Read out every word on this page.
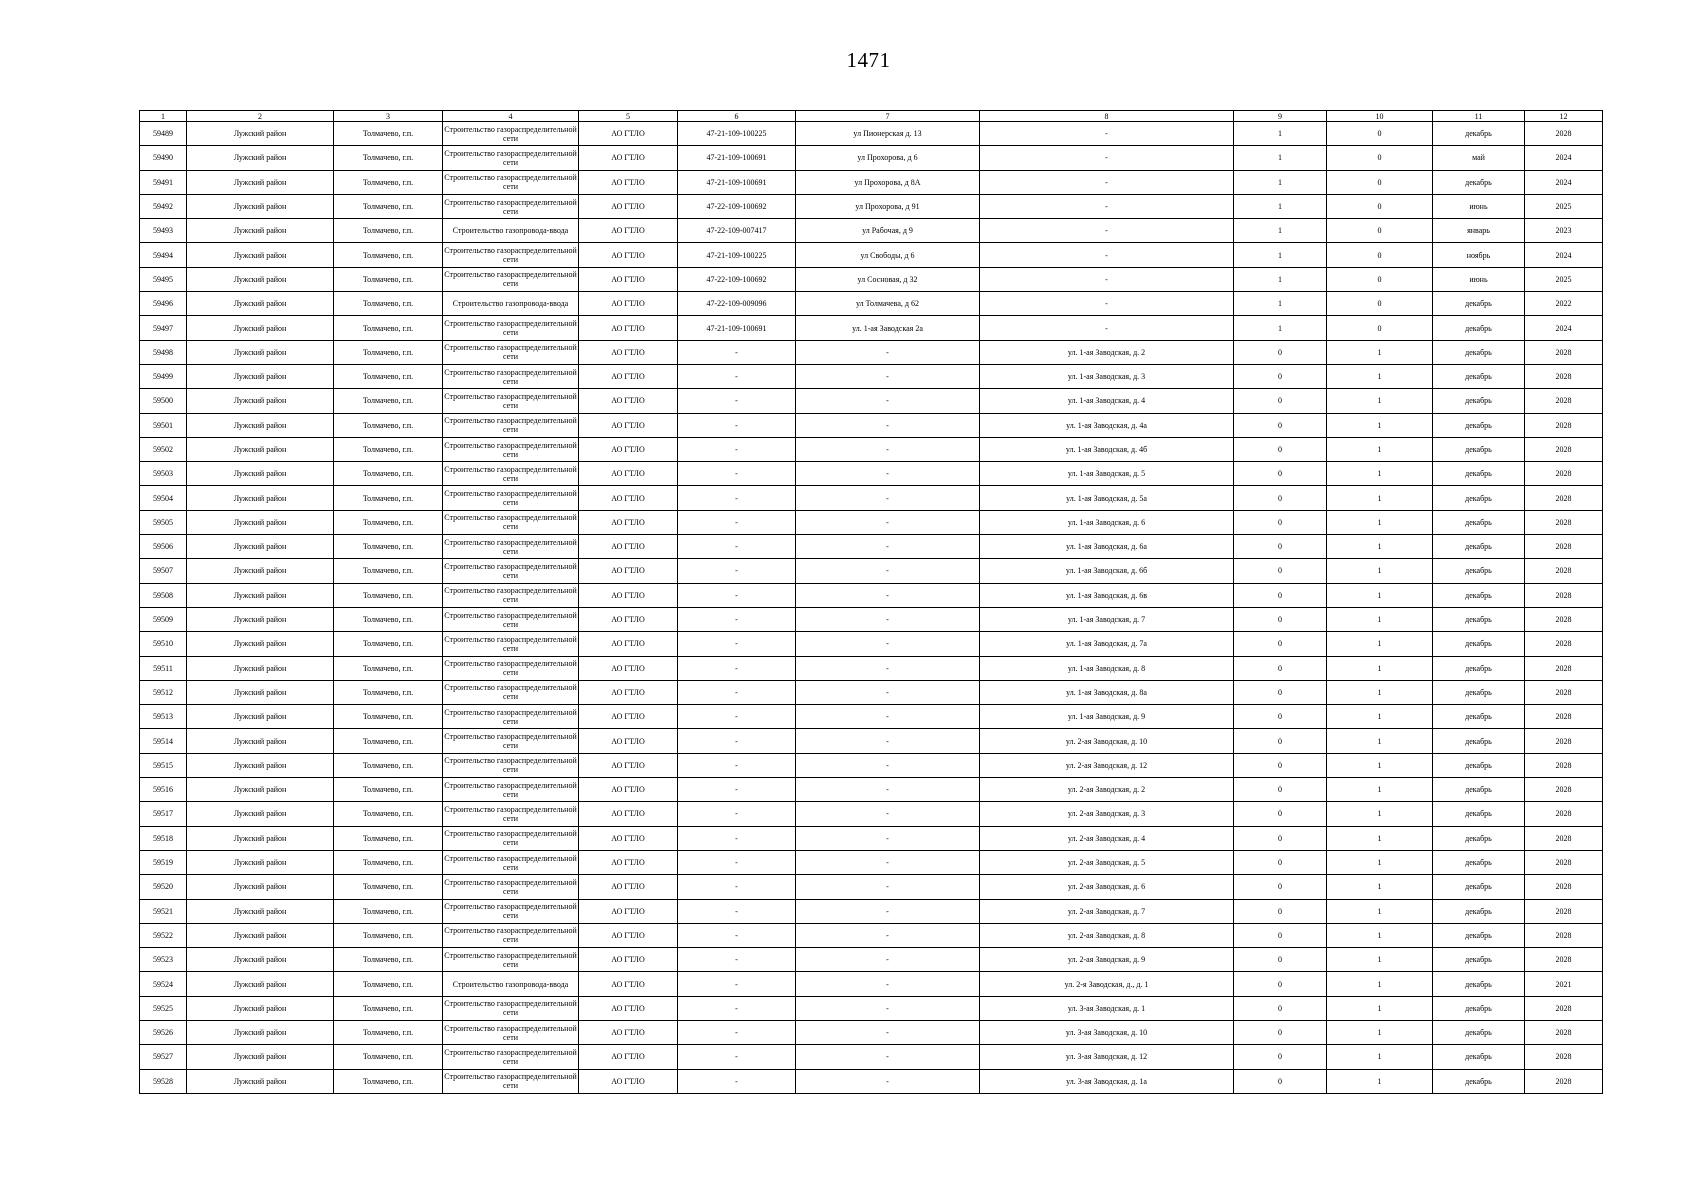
1471
1	2	3	4	5	6	7	8	9	10	11	12
59489	Лужский район	Толмачево, г.п.	Строительство газораспределительной сети	АО ГТЛО	47-21-109-100225	ул Пионерская д. 13	-	1	0	декабрь	2028
59490	Лужский район	Толмачево, г.п.	Строительство газораспределительной сети	АО ГТЛО	47-21-109-100691	ул Прохорова, д 6	-	1	0	май	2024
59491	Лужский район	Толмачево, г.п.	Строительство газораспределительной сети	АО ГТЛО	47-21-109-100691	ул Прохорова, д 8А	-	1	0	декабрь	2024
59492	Лужский район	Толмачево, г.п.	Строительство газораспределительной сети	АО ГТЛО	47-22-109-100692	ул Прохорова, д 91	-	1	0	июнь	2025
59493	Лужский район	Толмачево, г.п.	Строительство газопровода-ввода	АО ГТЛО	47-22-109-007417	ул Рабочая, д 9	-	1	0	январь	2023
59494	Лужский район	Толмачево, г.п.	Строительство газораспределительной сети	АО ГТЛО	47-21-109-100225	ул Свободы, д 6	-	1	0	ноябрь	2024
59495	Лужский район	Толмачево, г.п.	Строительство газораспределительной сети	АО ГТЛО	47-22-109-100692	ул Сосновая, д 32	-	1	0	июнь	2025
59496	Лужский район	Толмачево, г.п.	Строительство газопровода-ввода	АО ГТЛО	47-22-109-009096	ул Толмачева, д 62	-	1	0	декабрь	2022
59497	Лужский район	Толмачево, г.п.	Строительство газораспределительной сети	АО ГТЛО	47-21-109-100691	ул. 1-ая Заводская 2а	-	1	0	декабрь	2024
59498	Лужский район	Толмачево, г.п.	Строительство газораспределительной сети	АО ГТЛО	-	-	ул. 1-ая Заводская, д. 2	0	1	декабрь	2028
59499	Лужский район	Толмачево, г.п.	Строительство газораспределительной сети	АО ГТЛО	-	-	ул. 1-ая Заводская, д. 3	0	1	декабрь	2028
59500	Лужский район	Толмачево, г.п.	Строительство газораспределительной сети	АО ГТЛО	-	-	ул. 1-ая Заводская, д. 4	0	1	декабрь	2028
59501	Лужский район	Толмачево, г.п.	Строительство газораспределительной сети	АО ГТЛО	-	-	ул. 1-ая Заводская, д. 4а	0	1	декабрь	2028
59502	Лужский район	Толмачево, г.п.	Строительство газораспределительной сети	АО ГТЛО	-	-	ул. 1-ая Заводская, д. 4б	0	1	декабрь	2028
59503	Лужский район	Толмачево, г.п.	Строительство газораспределительной сети	АО ГТЛО	-	-	ул. 1-ая Заводская, д. 5	0	1	декабрь	2028
59504	Лужский район	Толмачево, г.п.	Строительство газораспределительной сети	АО ГТЛО	-	-	ул. 1-ая Заводская, д. 5а	0	1	декабрь	2028
59505	Лужский район	Толмачево, г.п.	Строительство газораспределительной сети	АО ГТЛО	-	-	ул. 1-ая Заводская, д. 6	0	1	декабрь	2028
59506	Лужский район	Толмачево, г.п.	Строительство газораспределительной сети	АО ГТЛО	-	-	ул. 1-ая Заводская, д. 6а	0	1	декабрь	2028
59507	Лужский район	Толмачево, г.п.	Строительство газораспределительной сети	АО ГТЛО	-	-	ул. 1-ая Заводская, д. 6б	0	1	декабрь	2028
59508	Лужский район	Толмачево, г.п.	Строительство газораспределительной сети	АО ГТЛО	-	-	ул. 1-ая Заводская, д. 6в	0	1	декабрь	2028
59509	Лужский район	Толмачево, г.п.	Строительство газораспределительной сети	АО ГТЛО	-	-	ул. 1-ая Заводская, д. 7	0	1	декабрь	2028
59510	Лужский район	Толмачево, г.п.	Строительство газораспределительной сети	АО ГТЛО	-	-	ул. 1-ая Заводская, д. 7а	0	1	декабрь	2028
59511	Лужский район	Толмачево, г.п.	Строительство газораспределительной сети	АО ГТЛО	-	-	ул. 1-ая Заводская, д. 8	0	1	декабрь	2028
59512	Лужский район	Толмачево, г.п.	Строительство газораспределительной сети	АО ГТЛО	-	-	ул. 1-ая Заводская, д. 8а	0	1	декабрь	2028
59513	Лужский район	Толмачево, г.п.	Строительство газораспределительной сети	АО ГТЛО	-	-	ул. 1-ая Заводская, д. 9	0	1	декабрь	2028
59514	Лужский район	Толмачево, г.п.	Строительство газораспределительной сети	АО ГТЛО	-	-	ул. 2-ая Заводская, д. 10	0	1	декабрь	2028
59515	Лужский район	Толмачево, г.п.	Строительство газораспределительной сети	АО ГТЛО	-	-	ул. 2-ая Заводская, д. 12	0	1	декабрь	2028
59516	Лужский район	Толмачево, г.п.	Строительство газораспределительной сети	АО ГТЛО	-	-	ул. 2-ая Заводская, д. 2	0	1	декабрь	2028
59517	Лужский район	Толмачево, г.п.	Строительство газораспределительной сети	АО ГТЛО	-	-	ул. 2-ая Заводская, д. 3	0	1	декабрь	2028
59518	Лужский район	Толмачево, г.п.	Строительство газораспределительной сети	АО ГТЛО	-	-	ул. 2-ая Заводская, д. 4	0	1	декабрь	2028
59519	Лужский район	Толмачево, г.п.	Строительство газораспределительной сети	АО ГТЛО	-	-	ул. 2-ая Заводская, д. 5	0	1	декабрь	2028
59520	Лужский район	Толмачево, г.п.	Строительство газораспределительной сети	АО ГТЛО	-	-	ул. 2-ая Заводская, д. 6	0	1	декабрь	2028
59521	Лужский район	Толмачево, г.п.	Строительство газораспределительной сети	АО ГТЛО	-	-	ул. 2-ая Заводская, д. 7	0	1	декабрь	2028
59522	Лужский район	Толмачево, г.п.	Строительство газораспределительной сети	АО ГТЛО	-	-	ул. 2-ая Заводская, д. 8	0	1	декабрь	2028
59523	Лужский район	Толмачево, г.п.	Строительство газораспределительной сети	АО ГТЛО	-	-	ул. 2-ая Заводская, д. 9	0	1	декабрь	2028
59524	Лужский район	Толмачево, г.п.	Строительство газопровода-ввода	АО ГТЛО	-	-	ул. 2-я Заводская, д., д. 1	0	1	декабрь	2021
59525	Лужский район	Толмачево, г.п.	Строительство газораспределительной сети	АО ГТЛО	-	-	ул. 3-ая Заводская, д. 1	0	1	декабрь	2028
59526	Лужский район	Толмачево, г.п.	Строительство газораспределительной сети	АО ГТЛО	-	-	ул. 3-ая Заводская, д. 10	0	1	декабрь	2028
59527	Лужский район	Толмачево, г.п.	Строительство газораспределительной сети	АО ГТЛО	-	-	ул. 3-ая Заводская, д. 12	0	1	декабрь	2028
59528	Лужский район	Толмачево, г.п.	Строительство газораспределительной сети	АО ГТЛО	-	-	ул. 3-ая Заводская, д. 1а	0	1	декабрь	2028
